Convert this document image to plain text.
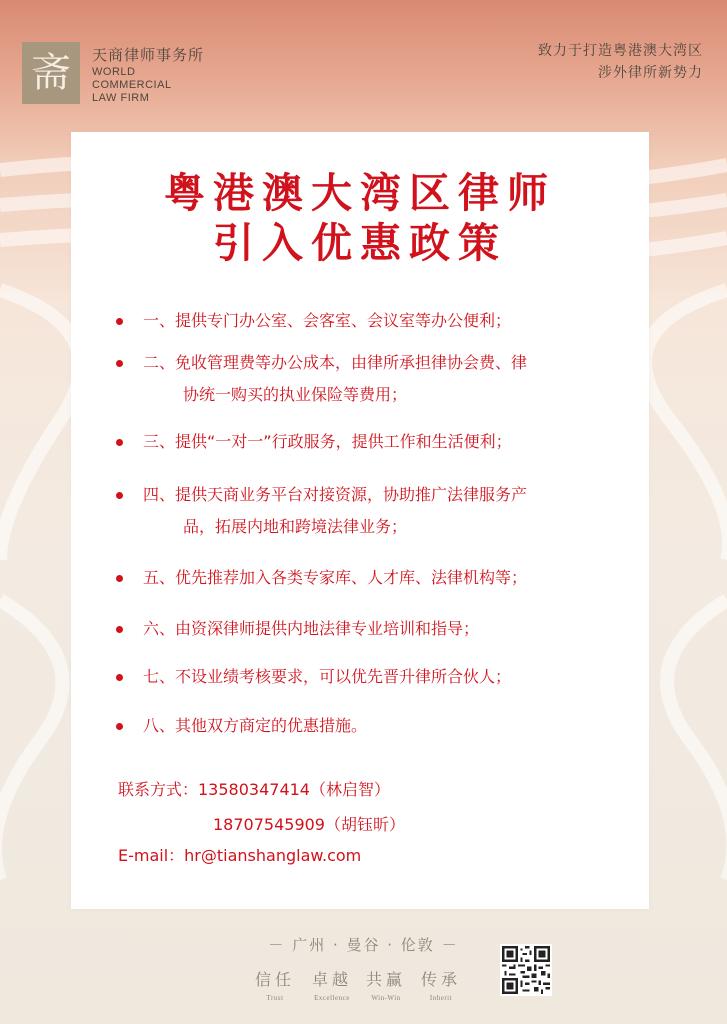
斋 天商律师事务所
WORLD
COMMERCIAL
LAW FIRM
致力于打造粤港澳大湾区
涉外律所新势力
粤港澳大湾区律师
引入优惠政策
一、提供专门办公室、会客室、会议室等办公便利；
二、免收管理费等办公成本，由律所承担律协会费、律
协统一购买的执业保险等费用；
三、提供“一对一”行政服务，提供工作和生活便利；
四、提供天商业务平台对接资源，协助推广法律服务产
品，拓展内地和跨境法律业务；
五、优先推荐加入各类专家库、人才库、法律机构等；
六、由资深律师提供内地法律专业培训和指导；
七、不设业绩考核要求，可以优先晋升律所合伙人；
八、其他双方商定的优惠措施。
联系方式：13580347414（林启智）
18707545909（胡钰昕）
E-mail：hr@tianshanglaw.com
－ 广州 · 曼谷 · 伦敦 －
信任
Trust
卓越
Excellence
共赢
Win-Win
传承
Inherit
